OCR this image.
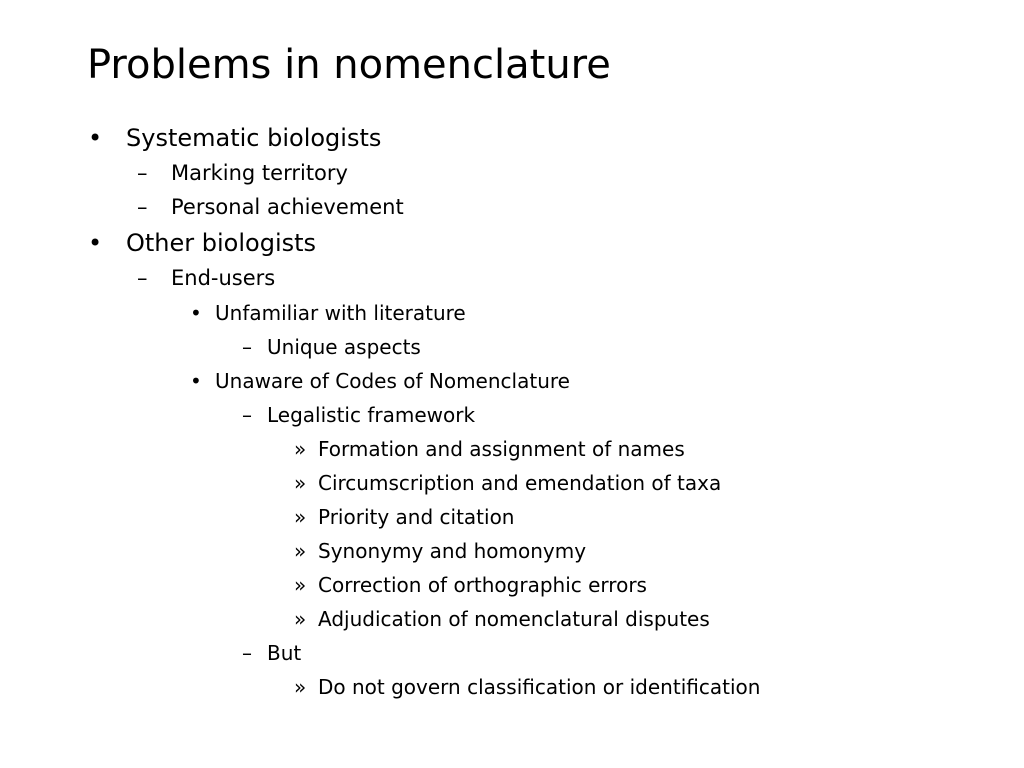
Problems in nomenclature
• Systematic biologists
– Marking territory
– Personal achievement
• Other biologists
– End-users
• Unfamiliar with literature
– Unique aspects
• Unaware of Codes of Nomenclature
– Legalistic framework
» Formation and assignment of names
» Circumscription and emendation of taxa
» Priority and citation
» Synonymy and homonymy
» Correction of orthographic errors
» Adjudication of nomenclatural disputes
– But
» Do not govern classification or identification
